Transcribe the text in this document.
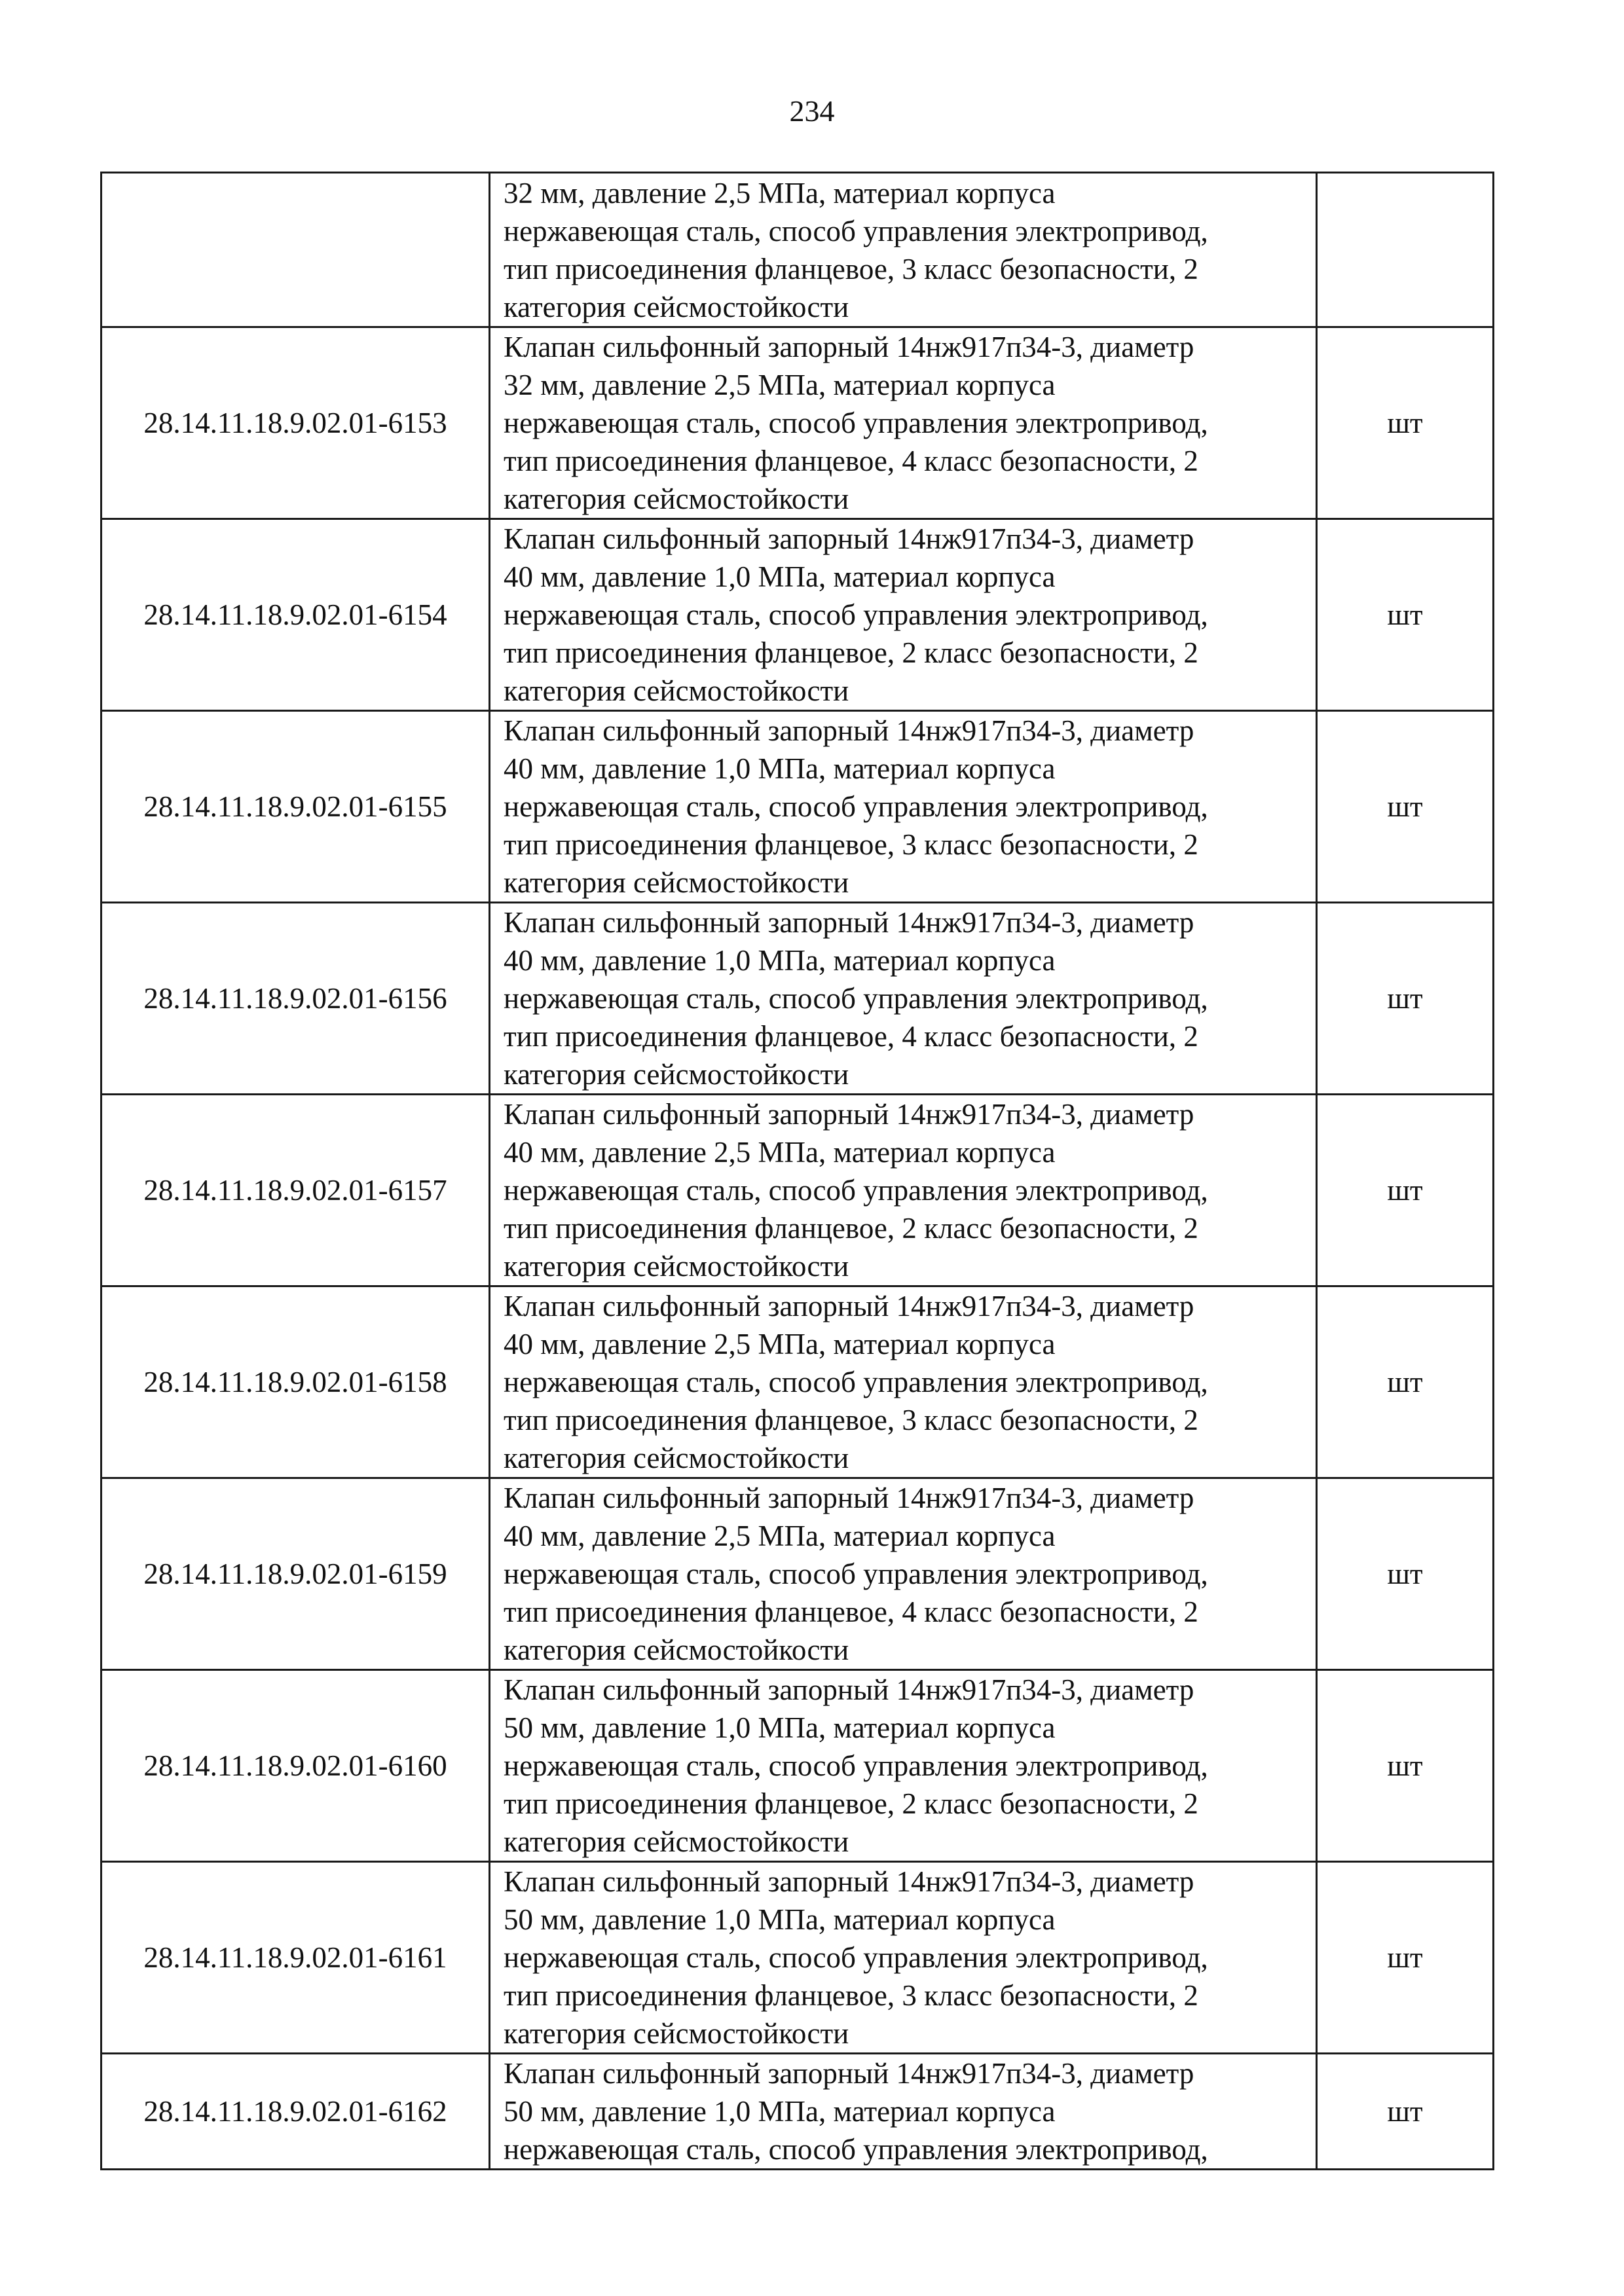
234
	32 мм, давление 2,5 МПа, материал корпуса
нержавеющая сталь, способ управления электропривод,
тип присоединения фланцевое, 3 класс безопасности, 2
категория сейсмостойкости	
28.14.11.18.9.02.01-6153	Клапан сильфонный запорный 14нж917п34-3, диаметр
32 мм, давление 2,5 МПа, материал корпуса
нержавеющая сталь, способ управления электропривод,
тип присоединения фланцевое, 4 класс безопасности, 2
категория сейсмостойкости	шт
28.14.11.18.9.02.01-6154	Клапан сильфонный запорный 14нж917п34-3, диаметр
40 мм, давление 1,0 МПа, материал корпуса
нержавеющая сталь, способ управления электропривод,
тип присоединения фланцевое, 2 класс безопасности, 2
категория сейсмостойкости	шт
28.14.11.18.9.02.01-6155	Клапан сильфонный запорный 14нж917п34-3, диаметр
40 мм, давление 1,0 МПа, материал корпуса
нержавеющая сталь, способ управления электропривод,
тип присоединения фланцевое, 3 класс безопасности, 2
категория сейсмостойкости	шт
28.14.11.18.9.02.01-6156	Клапан сильфонный запорный 14нж917п34-3, диаметр
40 мм, давление 1,0 МПа, материал корпуса
нержавеющая сталь, способ управления электропривод,
тип присоединения фланцевое, 4 класс безопасности, 2
категория сейсмостойкости	шт
28.14.11.18.9.02.01-6157	Клапан сильфонный запорный 14нж917п34-3, диаметр
40 мм, давление 2,5 МПа, материал корпуса
нержавеющая сталь, способ управления электропривод,
тип присоединения фланцевое, 2 класс безопасности, 2
категория сейсмостойкости	шт
28.14.11.18.9.02.01-6158	Клапан сильфонный запорный 14нж917п34-3, диаметр
40 мм, давление 2,5 МПа, материал корпуса
нержавеющая сталь, способ управления электропривод,
тип присоединения фланцевое, 3 класс безопасности, 2
категория сейсмостойкости	шт
28.14.11.18.9.02.01-6159	Клапан сильфонный запорный 14нж917п34-3, диаметр
40 мм, давление 2,5 МПа, материал корпуса
нержавеющая сталь, способ управления электропривод,
тип присоединения фланцевое, 4 класс безопасности, 2
категория сейсмостойкости	шт
28.14.11.18.9.02.01-6160	Клапан сильфонный запорный 14нж917п34-3, диаметр
50 мм, давление 1,0 МПа, материал корпуса
нержавеющая сталь, способ управления электропривод,
тип присоединения фланцевое, 2 класс безопасности, 2
категория сейсмостойкости	шт
28.14.11.18.9.02.01-6161	Клапан сильфонный запорный 14нж917п34-3, диаметр
50 мм, давление 1,0 МПа, материал корпуса
нержавеющая сталь, способ управления электропривод,
тип присоединения фланцевое, 3 класс безопасности, 2
категория сейсмостойкости	шт
28.14.11.18.9.02.01-6162	Клапан сильфонный запорный 14нж917п34-3, диаметр
50 мм, давление 1,0 МПа, материал корпуса
нержавеющая сталь, способ управления электропривод,	шт
